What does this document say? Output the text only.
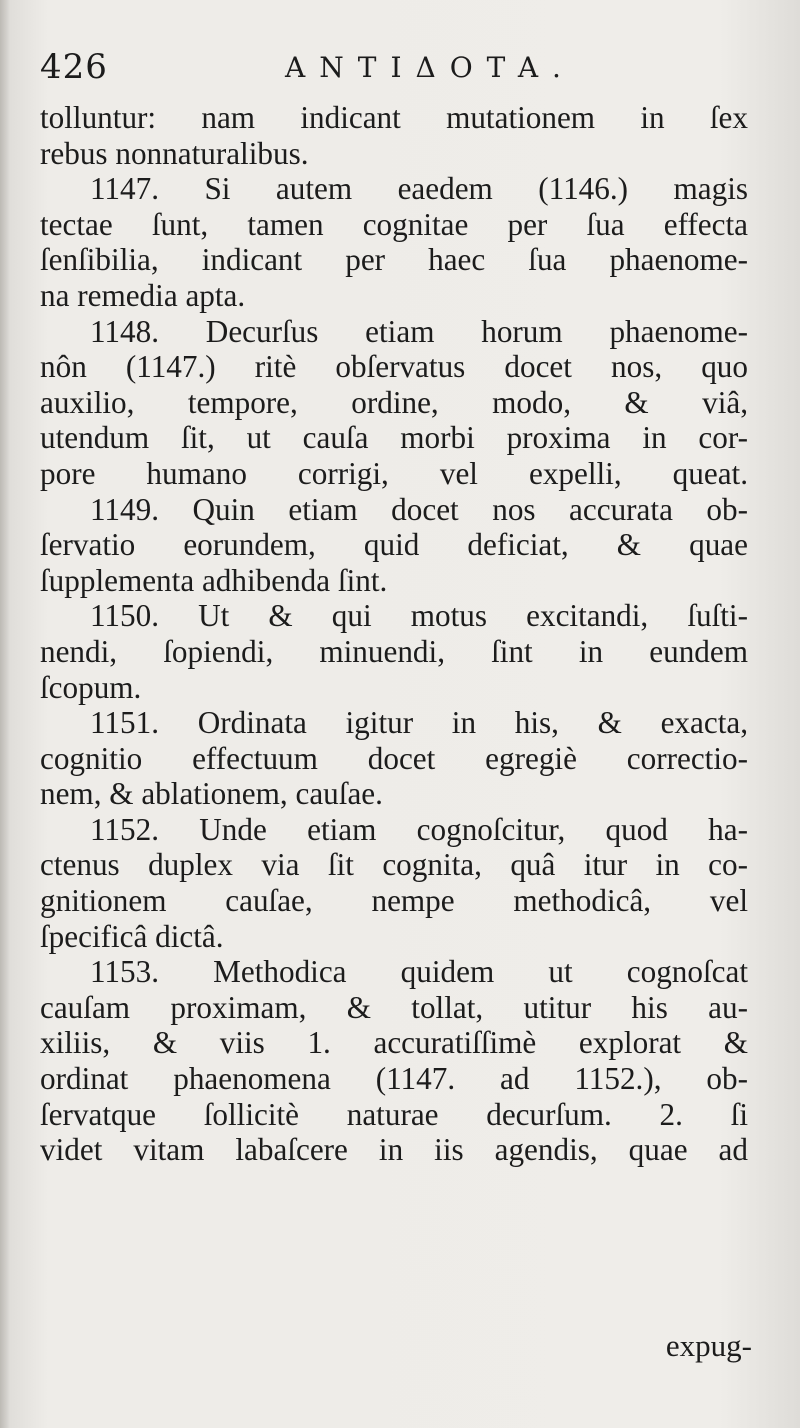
426	ANTIΔOTA.
tolluntur: nam indicant mutationem in ſex
rebus nonnaturalibus.
1147. Si autem eaedem (1146.) magis
tectae ſunt, tamen cognitae per ſua effecta
ſenſibilia, indicant per haec ſua phaenome-
na remedia apta.
1148. Decurſus etiam horum phaenome-
nôn (1147.) ritè obſervatus docet nos, quo
auxilio, tempore, ordine, modo, & viâ,
utendum ſit, ut cauſa morbi proxima in cor-
pore humano corrigi, vel expelli, queat.
1149. Quin etiam docet nos accurata ob-
ſervatio eorundem, quid deficiat, & quae
ſupplementa adhibenda ſint.
1150. Ut & qui motus excitandi, ſuſti-
nendi, ſopiendi, minuendi, ſint in eundem
ſcopum.
1151. Ordinata igitur in his, & exacta,
cognitio effectuum docet egregiè correctio-
nem, & ablationem, cauſae.
1152. Unde etiam cognoſcitur, quod ha-
ctenus duplex via ſit cognita, quâ itur in co-
gnitionem cauſae, nempe methodicâ, vel
ſpecificâ dictâ.
1153. Methodica quidem ut cognoſcat
cauſam proximam, & tollat, utitur his au-
xiliis, & viis 1. accuratiſſimè explorat &
ordinat phaenomena (1147. ad 1152.), ob-
ſervatque ſollicitè naturae decurſum. 2. ſi
videt vitam labaſcere in iis agendis, quae ad
expug-
